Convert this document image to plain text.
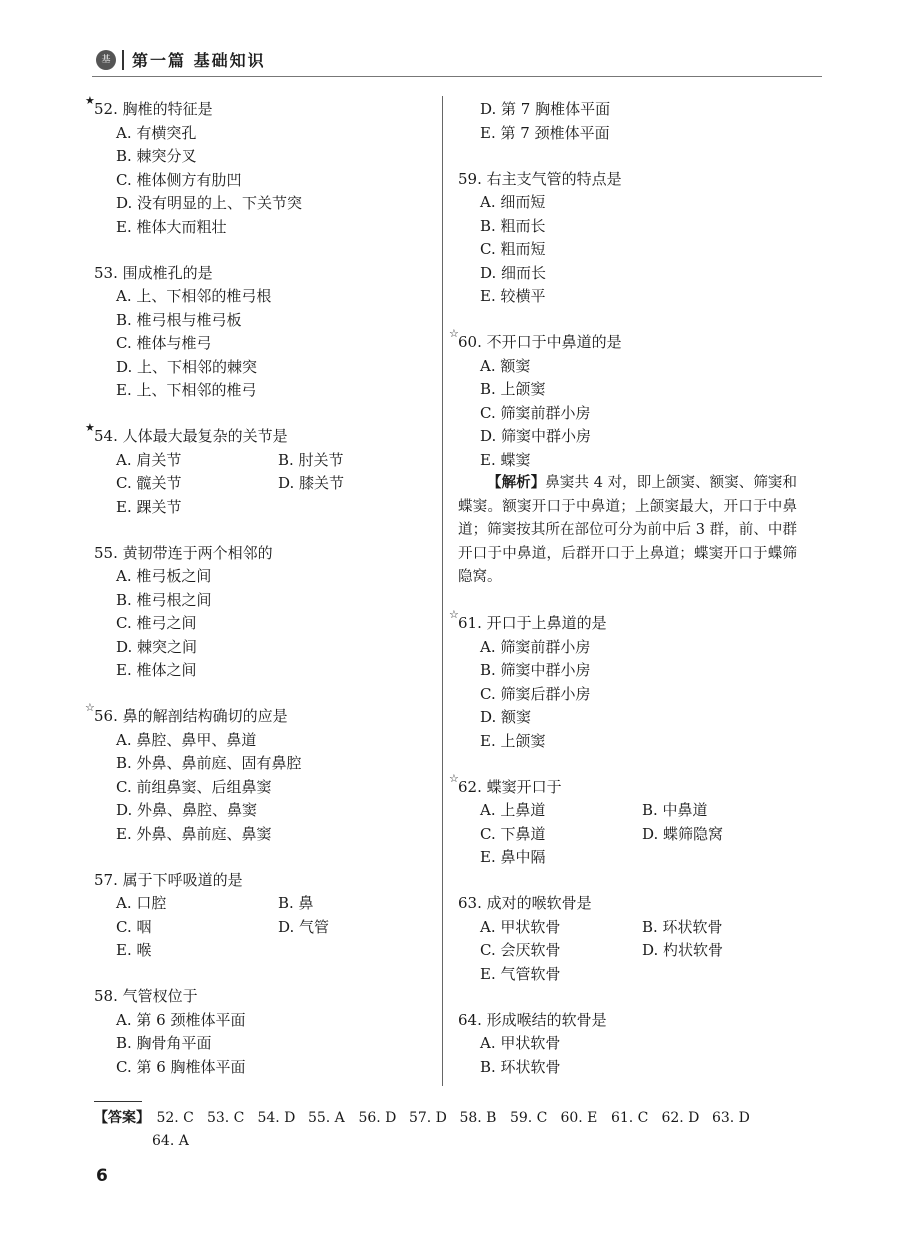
基	第一篇 基础知识
★ 52. 胸椎的特征是
A. 有横突孔
B. 棘突分叉
C. 椎体侧方有肋凹
D. 没有明显的上、下关节突
E. 椎体大而粗壮
53. 围成椎孔的是
A. 上、下相邻的椎弓根
B. 椎弓根与椎弓板
C. 椎体与椎弓
D. 上、下相邻的棘突
E. 上、下相邻的椎弓
★ 54. 人体最大最复杂的关节是
A. 肩关节	B. 肘关节
C. 髋关节	D. 膝关节
E. 踝关节
55. 黄韧带连于两个相邻的
A. 椎弓板之间
B. 椎弓根之间
C. 椎弓之间
D. 棘突之间
E. 椎体之间
☆ 56. 鼻的解剖结构确切的应是
A. 鼻腔、鼻甲、鼻道
B. 外鼻、鼻前庭、固有鼻腔
C. 前组鼻窦、后组鼻窦
D. 外鼻、鼻腔、鼻窦
E. 外鼻、鼻前庭、鼻窦
57. 属于下呼吸道的是
A. 口腔	B. 鼻
C. 咽	D. 气管
E. 喉
58. 气管杈位于
A. 第 6 颈椎体平面
B. 胸骨角平面
C. 第 6 胸椎体平面
D. 第 7 胸椎体平面
E. 第 7 颈椎体平面
59. 右主支气管的特点是
A. 细而短
B. 粗而长
C. 粗而短
D. 细而长
E. 较横平
☆ 60. 不开口于中鼻道的是
A. 额窦
B. 上颌窦
C. 筛窦前群小房
D. 筛窦中群小房
E. 蝶窦
【解析】鼻窦共 4 对，即上颌窦、额窦、筛窦和蝶窦。额窦开口于中鼻道；上颌窦最大，开口于中鼻道；筛窦按其所在部位可分为前中后 3 群，前、中群开口于中鼻道，后群开口于上鼻道；蝶窦开口于蝶筛隐窝。
☆ 61. 开口于上鼻道的是
A. 筛窦前群小房
B. 筛窦中群小房
C. 筛窦后群小房
D. 额窦
E. 上颌窦
☆ 62. 蝶窦开口于
A. 上鼻道	B. 中鼻道
C. 下鼻道	D. 蝶筛隐窝
E. 鼻中隔
63. 成对的喉软骨是
A. 甲状软骨	B. 环状软骨
C. 会厌软骨	D. 杓状软骨
E. 气管软骨
64. 形成喉结的软骨是
A. 甲状软骨
B. 环状软骨
【答案】 52. C 53. C 54. D 55. A 56. D 57. D 58. B 59. C 60. E 61. C 62. D 63. D
64. A
6
